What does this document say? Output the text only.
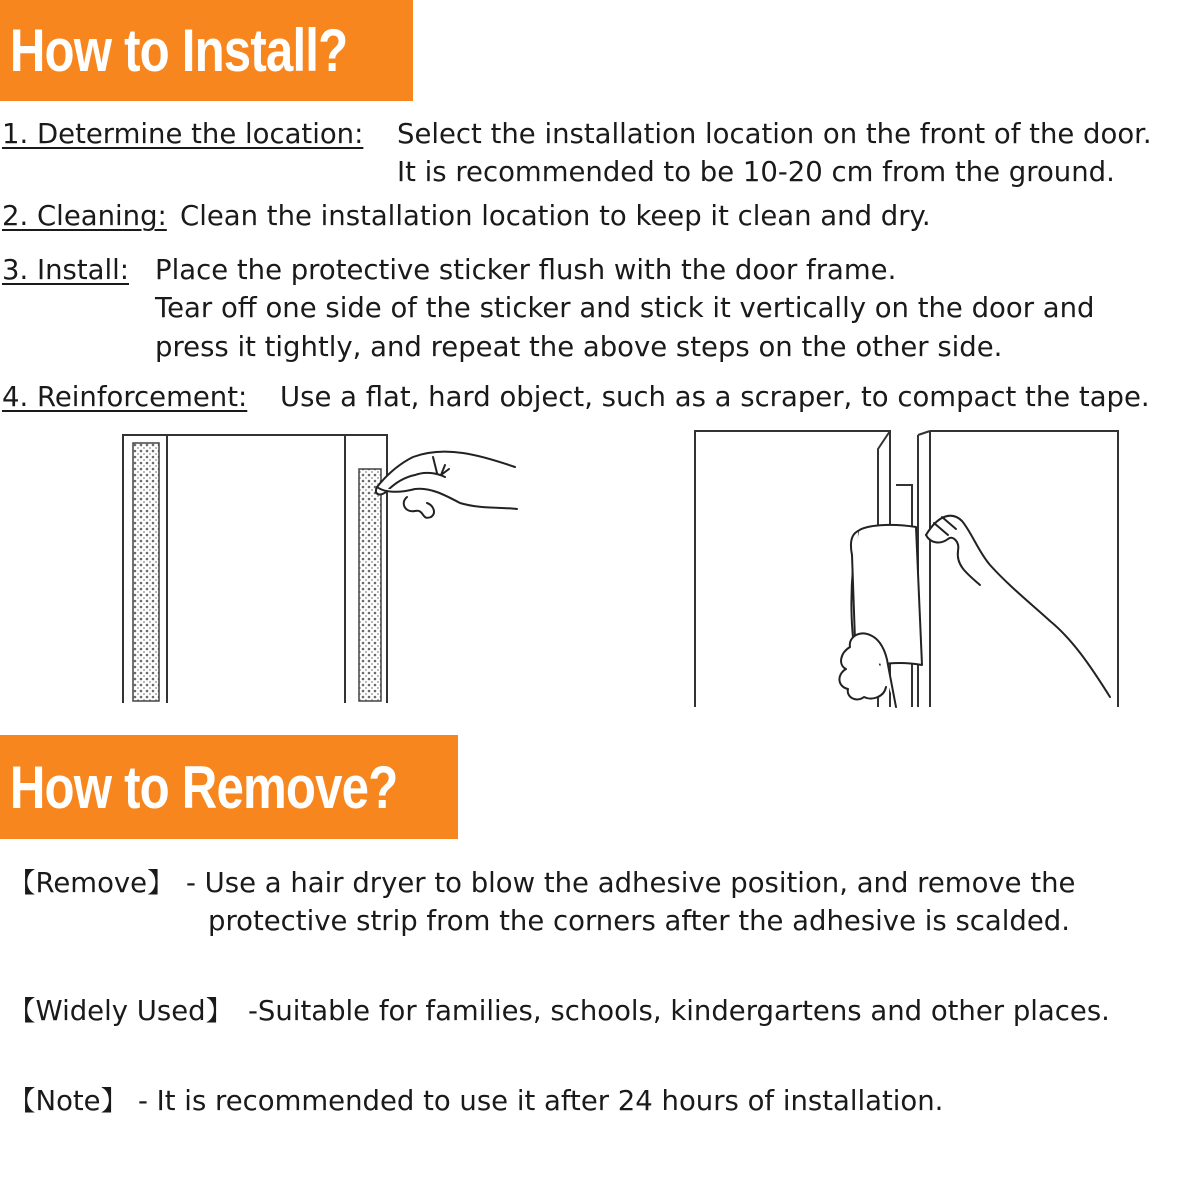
How to Install?
1. Determine the location: Select the installation location on the front of the door.
It is recommended to be 10-20 cm from the ground.
2. Cleaning: Clean the installation location to keep it clean and dry.
3. Install: Place the protective sticker flush with the door frame.
Tear off one side of the sticker and stick it vertically on the door and
press it tightly, and repeat the above steps on the other side.
4. Reinforcement: Use a flat, hard object, such as a scraper, to compact the tape.
How to Remove?
【Remove】 - Use a hair dryer to blow the adhesive position, and remove the
protective strip from the corners after the adhesive is scalded.
【Widely Used】 -Suitable for families, schools, kindergartens and other places.
【Note】 - It is recommended to use it after 24 hours of installation.
